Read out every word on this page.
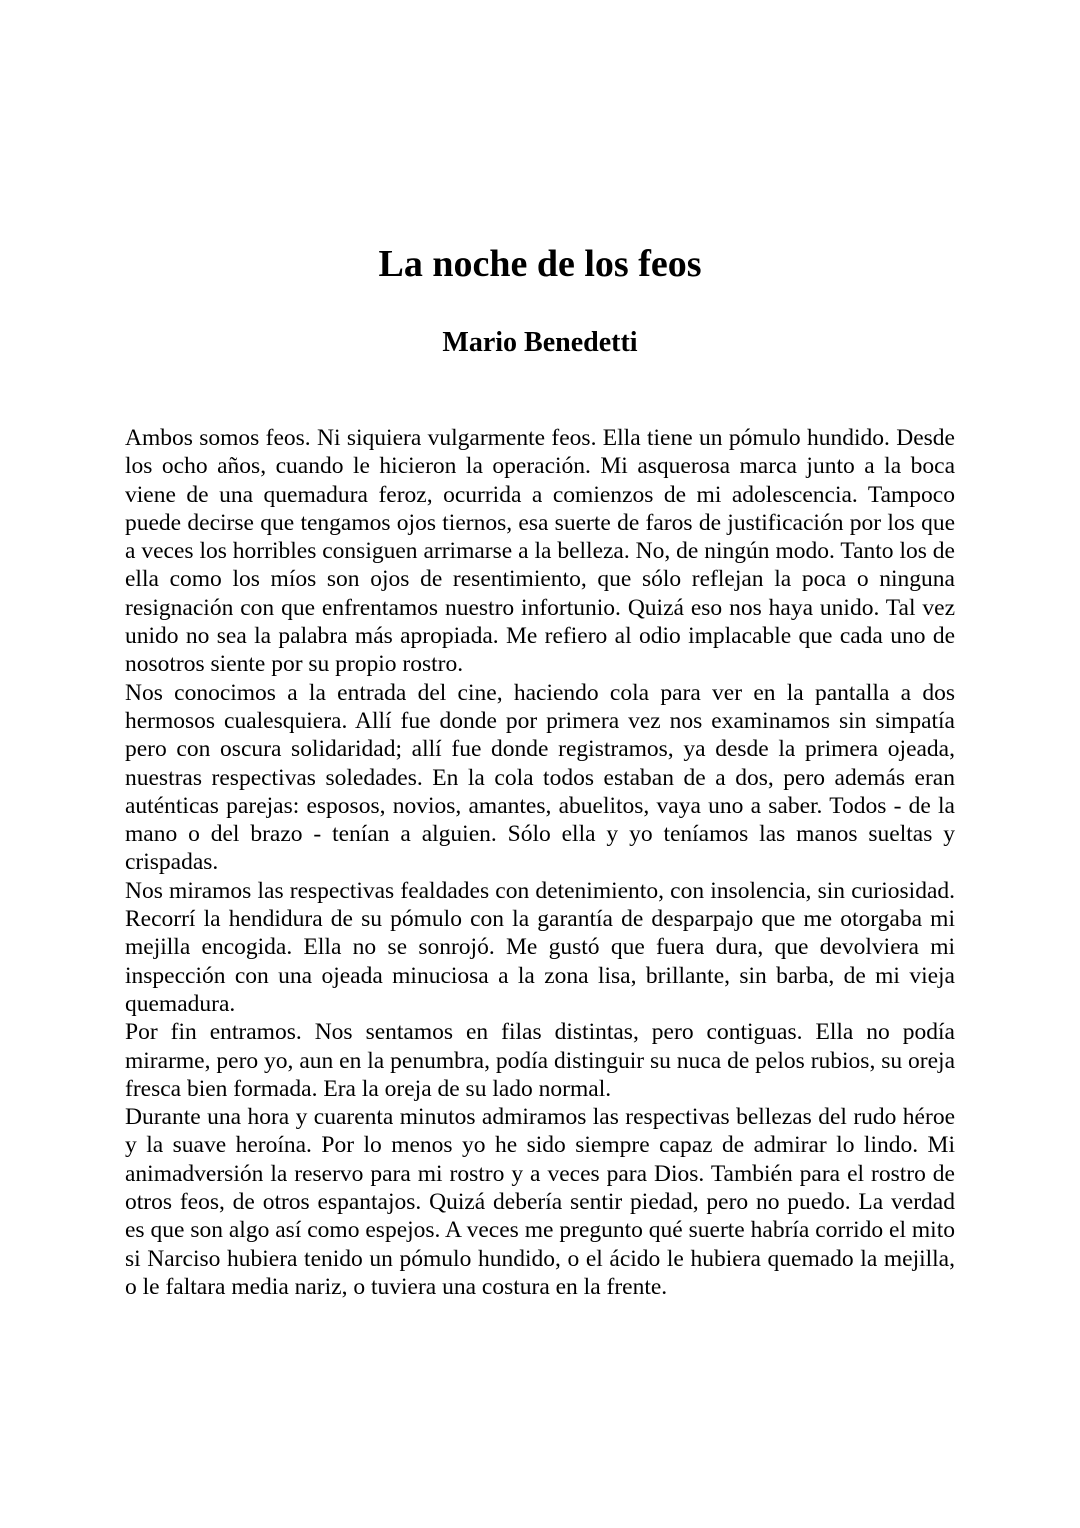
La noche de los feos
Mario Benedetti

Ambos somos feos. Ni siquiera vulgarmente feos. Ella tiene un pómulo hundido. Desde los ocho años, cuando le hicieron la operación. Mi asquerosa marca junto a la boca viene de una quemadura feroz, ocurrida a comienzos de mi adolescencia. Tampoco puede decirse que tengamos ojos tiernos, esa suerte de faros de justificación por los que a veces los horribles consiguen arrimarse a la belleza. No, de ningún modo. Tanto los de ella como los míos son ojos de resentimiento, que sólo reflejan la poca o ninguna resignación con que enfrentamos nuestro infortunio. Quizá eso nos haya unido. Tal vez unido no sea la palabra más apropiada. Me refiero al odio implacable que cada uno de nosotros siente por su propio rostro.

Nos conocimos a la entrada del cine, haciendo cola para ver en la pantalla a dos hermosos cualesquiera. Allí fue donde por primera vez nos examinamos sin simpatía pero con oscura solidaridad; allí fue donde registramos, ya desde la primera ojeada, nuestras respectivas soledades. En la cola todos estaban de a dos, pero además eran auténticas parejas: esposos, novios, amantes, abuelitos, vaya uno a saber. Todos - de la mano o del brazo - tenían a alguien. Sólo ella y yo teníamos las manos sueltas y crispadas.

Nos miramos las respectivas fealdades con detenimiento, con insolencia, sin curiosidad. Recorrí la hendidura de su pómulo con la garantía de desparpajo que me otorgaba mi mejilla encogida. Ella no se sonrojó. Me gustó que fuera dura, que devolviera mi inspección con una ojeada minuciosa a la zona lisa, brillante, sin barba, de mi vieja quemadura.

Por fin entramos. Nos sentamos en filas distintas, pero contiguas. Ella no podía mirarme, pero yo, aun en la penumbra, podía distinguir su nuca de pelos rubios, su oreja fresca bien formada. Era la oreja de su lado normal.

Durante una hora y cuarenta minutos admiramos las respectivas bellezas del rudo héroe y la suave heroína. Por lo menos yo he sido siempre capaz de admirar lo lindo. Mi animadversión la reservo para mi rostro y a veces para Dios. También para el rostro de otros feos, de otros espantajos. Quizá debería sentir piedad, pero no puedo. La verdad es que son algo así como espejos. A veces me pregunto qué suerte habría corrido el mito si Narciso hubiera tenido un pómulo hundido, o el ácido le hubiera quemado la mejilla, o le faltara media nariz, o tuviera una costura en la frente.
